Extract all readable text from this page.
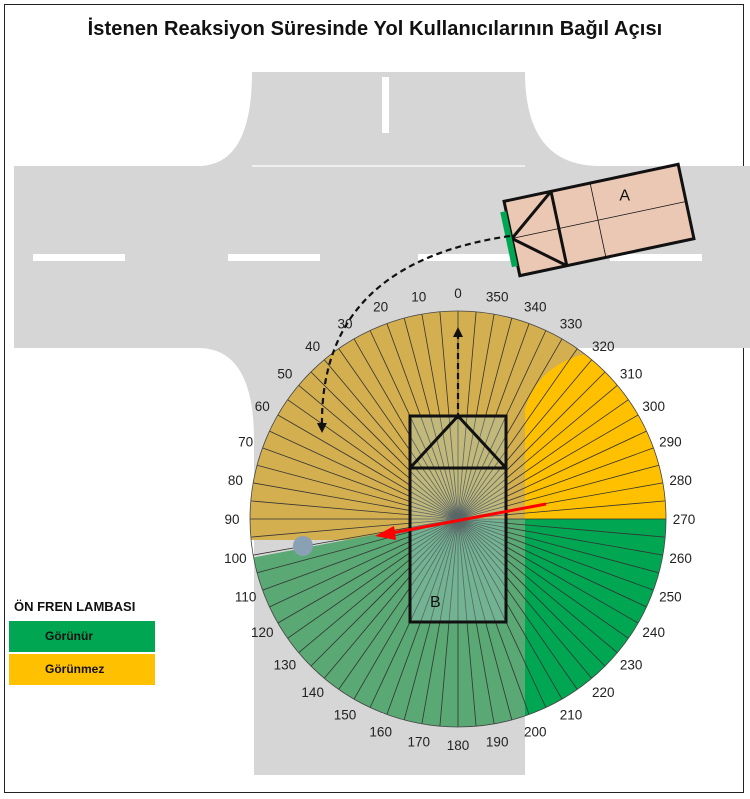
İstenen Reaksiyon Süresinde Yol Kullanıcılarının Bağıl Açısı
0
10
20
30
40
50
60
70
80
90
100
110
120
130
140
150
160
170 180 190
200
210
220
230
240
250
260
270
280
290
300
310
320
330
340
350
B
A
ÖN FREN LAMBASI
Görünür
Görünmez
